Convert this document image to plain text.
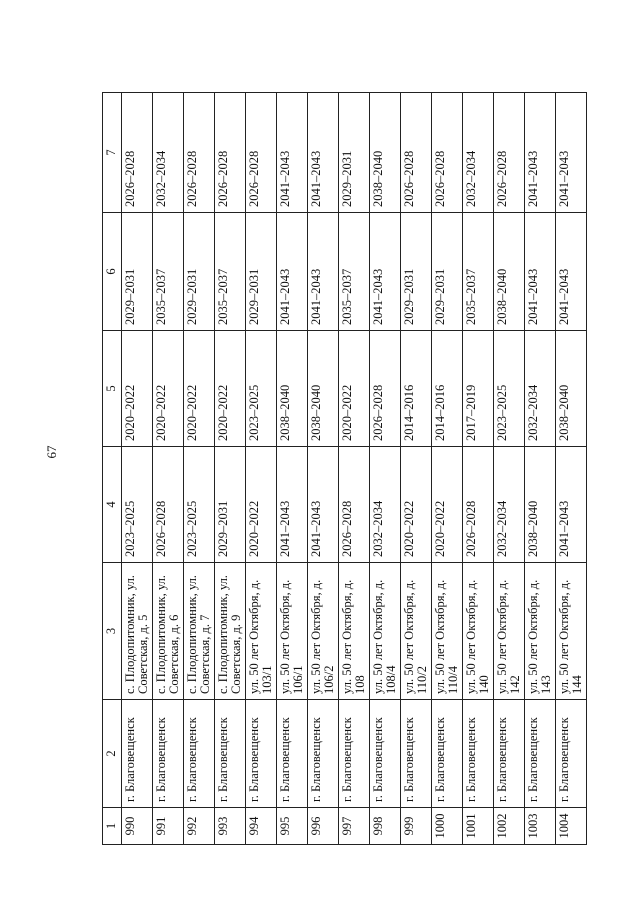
67
1	2	3	4	5	6	7
990	г. Благовещенск	с. Плодопитомник, ул. Советская, д. 5	2023–2025	2020–2022	2029–2031	2026–2028
991	г. Благовещенск	с. Плодопитомник, ул. Советская, д. 6	2026–2028	2020–2022	2035–2037	2032–2034
992	г. Благовещенск	с. Плодопитомник, ул. Советская, д. 7	2023–2025	2020–2022	2029–2031	2026–2028
993	г. Благовещенск	с. Плодопитомник, ул. Советская, д. 9	2029–2031	2020–2022	2035–2037	2026–2028
994	г. Благовещенск	ул. 50 лет Октября, д. 103/1	2020–2022	2023–2025	2029–2031	2026–2028
995	г. Благовещенск	ул. 50 лет Октября, д. 106/1	2041–2043	2038–2040	2041–2043	2041–2043
996	г. Благовещенск	ул. 50 лет Октября, д. 106/2	2041–2043	2038–2040	2041–2043	2041–2043
997	г. Благовещенск	ул. 50 лет Октября, д. 108	2026–2028	2020–2022	2035–2037	2029–2031
998	г. Благовещенск	ул. 50 лет Октября, д. 108/4	2032–2034	2026–2028	2041–2043	2038–2040
999	г. Благовещенск	ул. 50 лет Октября, д. 110/2	2020–2022	2014–2016	2029–2031	2026–2028
1000	г. Благовещенск	ул. 50 лет Октября, д. 110/4	2020–2022	2014–2016	2029–2031	2026–2028
1001	г. Благовещенск	ул. 50 лет Октября, д. 140	2026–2028	2017–2019	2035–2037	2032–2034
1002	г. Благовещенск	ул. 50 лет Октября, д. 142	2032–2034	2023–2025	2038–2040	2026–2028
1003	г. Благовещенск	ул. 50 лет Октября, д. 143	2038–2040	2032–2034	2041–2043	2041–2043
1004	г. Благовещенск	ул. 50 лет Октября, д. 144	2041–2043	2038–2040	2041–2043	2041–2043
